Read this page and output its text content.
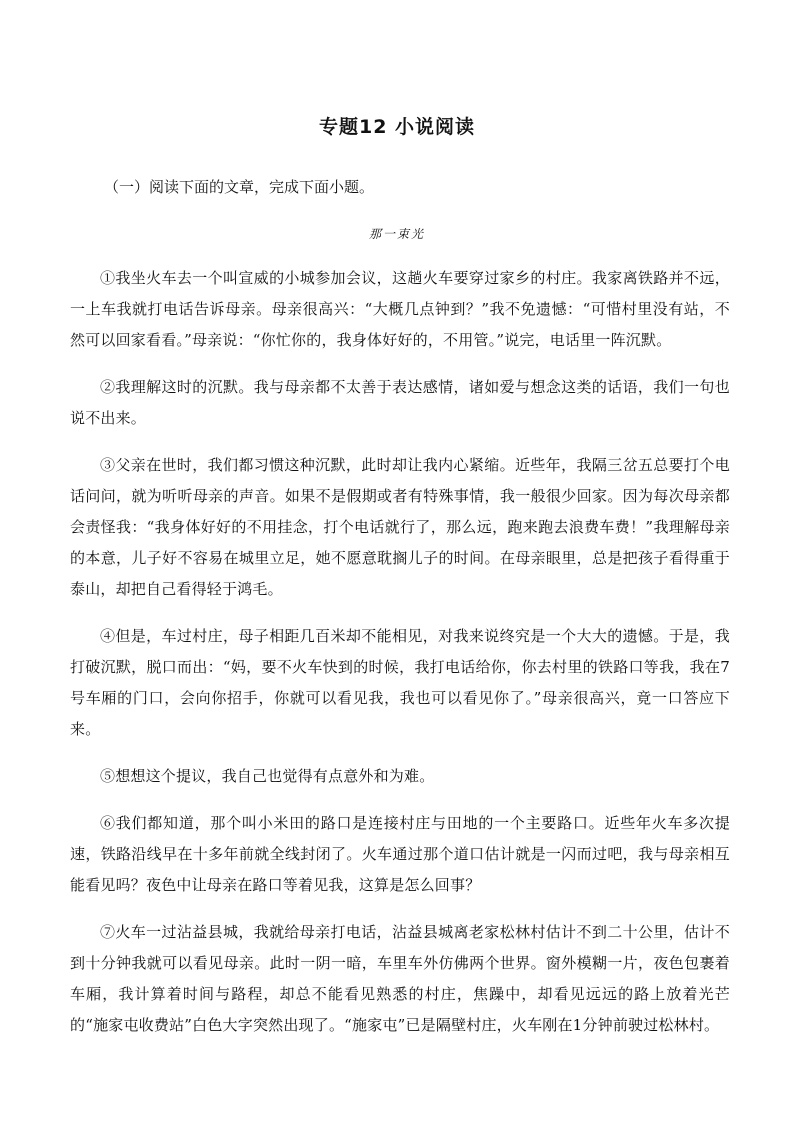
专题12 小说阅读
（一）阅读下面的文章，完成下面小题。
那一束光

①我坐火车去一个叫宣威的小城参加会议，这趟火车要穿过家乡的村庄。我家离铁路并不远，一上车我就打电话告诉母亲。母亲很高兴：“大概几点钟到？”我不免遗憾：“可惜村里没有站，不然可以回家看看。”母亲说：“你忙你的，我身体好好的，不用管。”说完，电话里一阵沉默。

②我理解这时的沉默。我与母亲都不太善于表达感情，诸如爱与想念这类的话语，我们一句也说不出来。

③父亲在世时，我们都习惯这种沉默，此时却让我内心紧缩。近些年，我隔三岔五总要打个电话问问，就为听听母亲的声音。如果不是假期或者有特殊事情，我一般很少回家。因为每次母亲都会责怪我：“我身体好好的不用挂念，打个电话就行了，那么远，跑来跑去浪费车费！”我理解母亲的本意，儿子好不容易在城里立足，她不愿意耽搁儿子的时间。在母亲眼里，总是把孩子看得重于泰山，却把自己看得轻于鸿毛。

④但是，车过村庄，母子相距几百米却不能相见，对我来说终究是一个大大的遗憾。于是，我打破沉默，脱口而出：“妈，要不火车快到的时候，我打电话给你，你去村里的铁路口等我，我在7号车厢的门口，会向你招手，你就可以看见我，我也可以看见你了。”母亲很高兴，竟一口答应下来。

⑤想想这个提议，我自己也觉得有点意外和为难。

⑥我们都知道，那个叫小米田的路口是连接村庄与田地的一个主要路口。近些年火车多次提速，铁路沿线早在十多年前就全线封闭了。火车通过那个道口估计就是一闪而过吧，我与母亲相互能看见吗？夜色中让母亲在路口等着见我，这算是怎么回事？

⑦火车一过沾益县城，我就给母亲打电话，沾益县城离老家松林村估计不到二十公里，估计不到十分钟我就可以看见母亲。此时一阴一暗，车里车外仿佛两个世界。窗外模糊一片，夜色包裹着车厢，我计算着时间与路程，却总不能看见熟悉的村庄，焦躁中，却看见远远的路上放着光芒的“施家屯收费站”白色大字突然出现了。“施家屯”已是隔壁村庄，火车刚在1分钟前驶过松林村。
